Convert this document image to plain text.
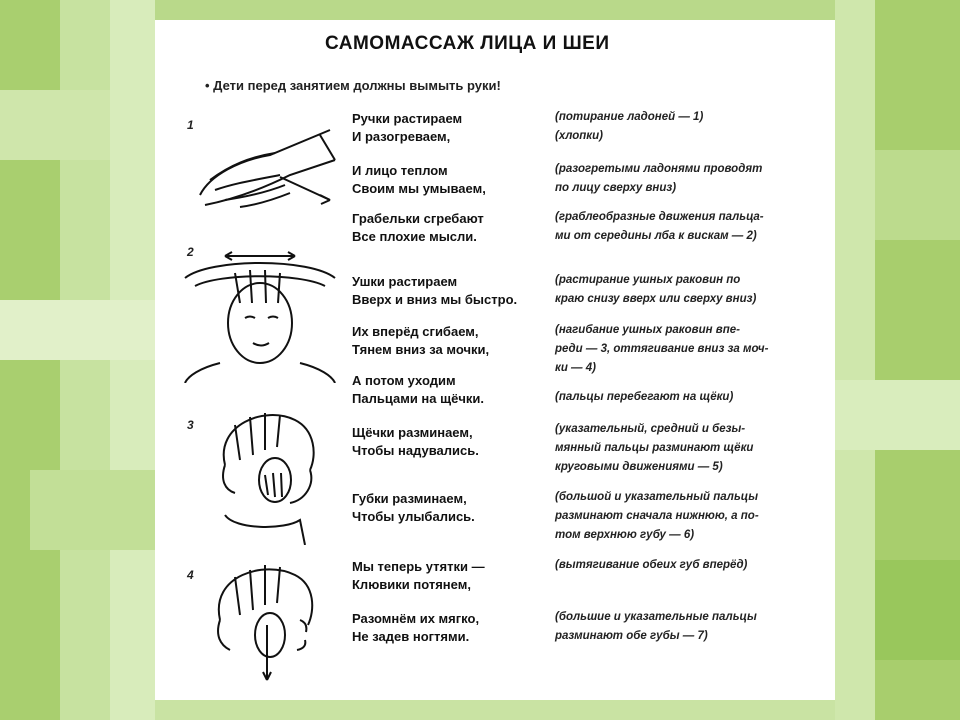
САМОМАССАЖ ЛИЦА И ШЕИ
• Дети перед занятием должны вымыть руки!
1
2
3
4
Ручки растираем
И разогреваем,
(потирание ладоней — 1)
(хлопки)
И лицо теплом
Своим мы умываем,
(разогретыми ладонями проводят
по лицу сверху вниз)
Грабельки сгребают
Все плохие мысли.
(граблеобразные движения пальца-
ми от середины лба к вискам — 2)
Ушки растираем
Вверх и вниз мы быстро.
(растирание ушных раковин по
краю снизу вверх или сверху вниз)
Их вперёд сгибаем,
Тянем вниз за мочки,
(нагибание ушных раковин впе-
реди — 3, оттягивание вниз за моч-
ки — 4)
А потом уходим
Пальцами на щёчки.	(пальцы перебегают на щёки)
Щёчки разминаем,
Чтобы надувались.
(указательный, средний и безы-
мянный пальцы разминают щёки
круговыми движениями — 5)
Губки разминаем,
Чтобы улыбались.
(большой и указательный пальцы
разминают сначала нижнюю, а по-
том верхнюю губу — 6)
Мы теперь утятки —
Клювики потянем,
(вытягивание обеих губ вперёд)
Разомнём их мягко,
Не задев ногтями.
(большие и указательные пальцы
разминают обе губы — 7)
